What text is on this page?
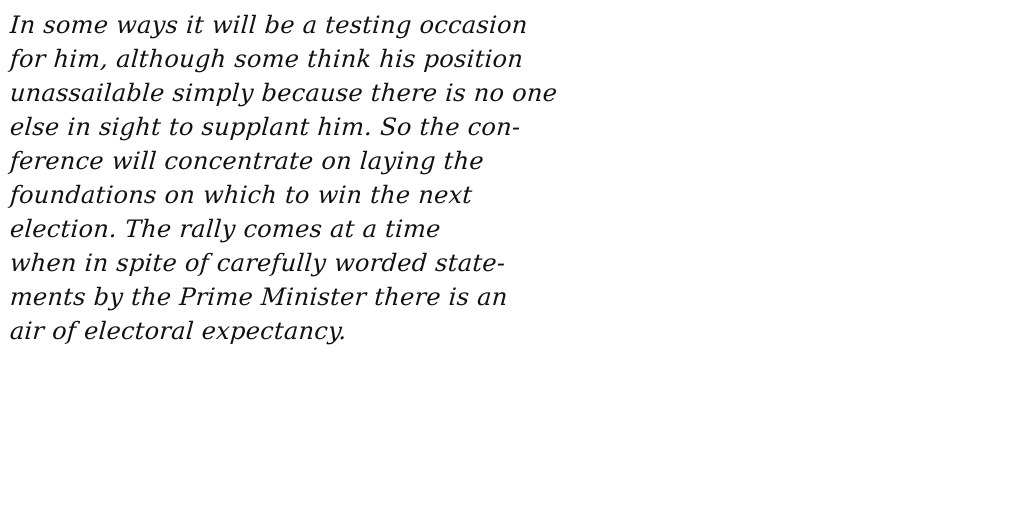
In some ways it will be a testing occasion
for him, although some think his position
unassailable simply because there is no one
else in sight to supplant him. So the con-
ference will concentrate on laying the
foundations on which to win the next
election. The rally comes at a time
when in spite of carefully worded state-
ments by the Prime Minister there is an
air of electoral expectancy.
